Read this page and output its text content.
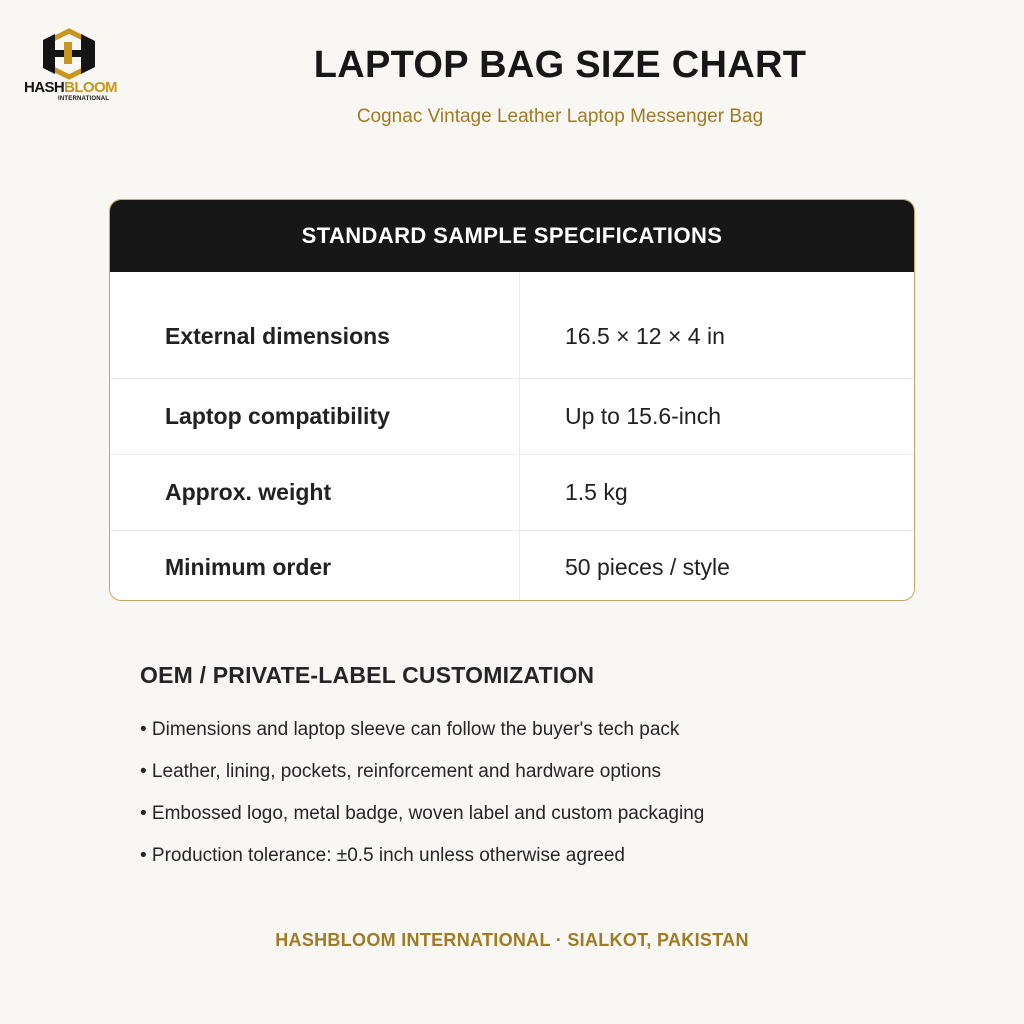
HASHBLOOM
INTERNATIONAL
LAPTOP BAG SIZE CHART
Cognac Vintage Leather Laptop Messenger Bag
STANDARD SAMPLE SPECIFICATIONS
External dimensions	16.5 × 12 × 4 in
Laptop compatibility	Up to 15.6-inch
Approx. weight	1.5 kg
Minimum order	50 pieces / style
OEM / PRIVATE-LABEL CUSTOMIZATION
• Dimensions and laptop sleeve can follow the buyer's tech pack
• Leather, lining, pockets, reinforcement and hardware options
• Embossed logo, metal badge, woven label and custom packaging
• Production tolerance: ±0.5 inch unless otherwise agreed
HASHBLOOM INTERNATIONAL · SIALKOT, PAKISTAN
